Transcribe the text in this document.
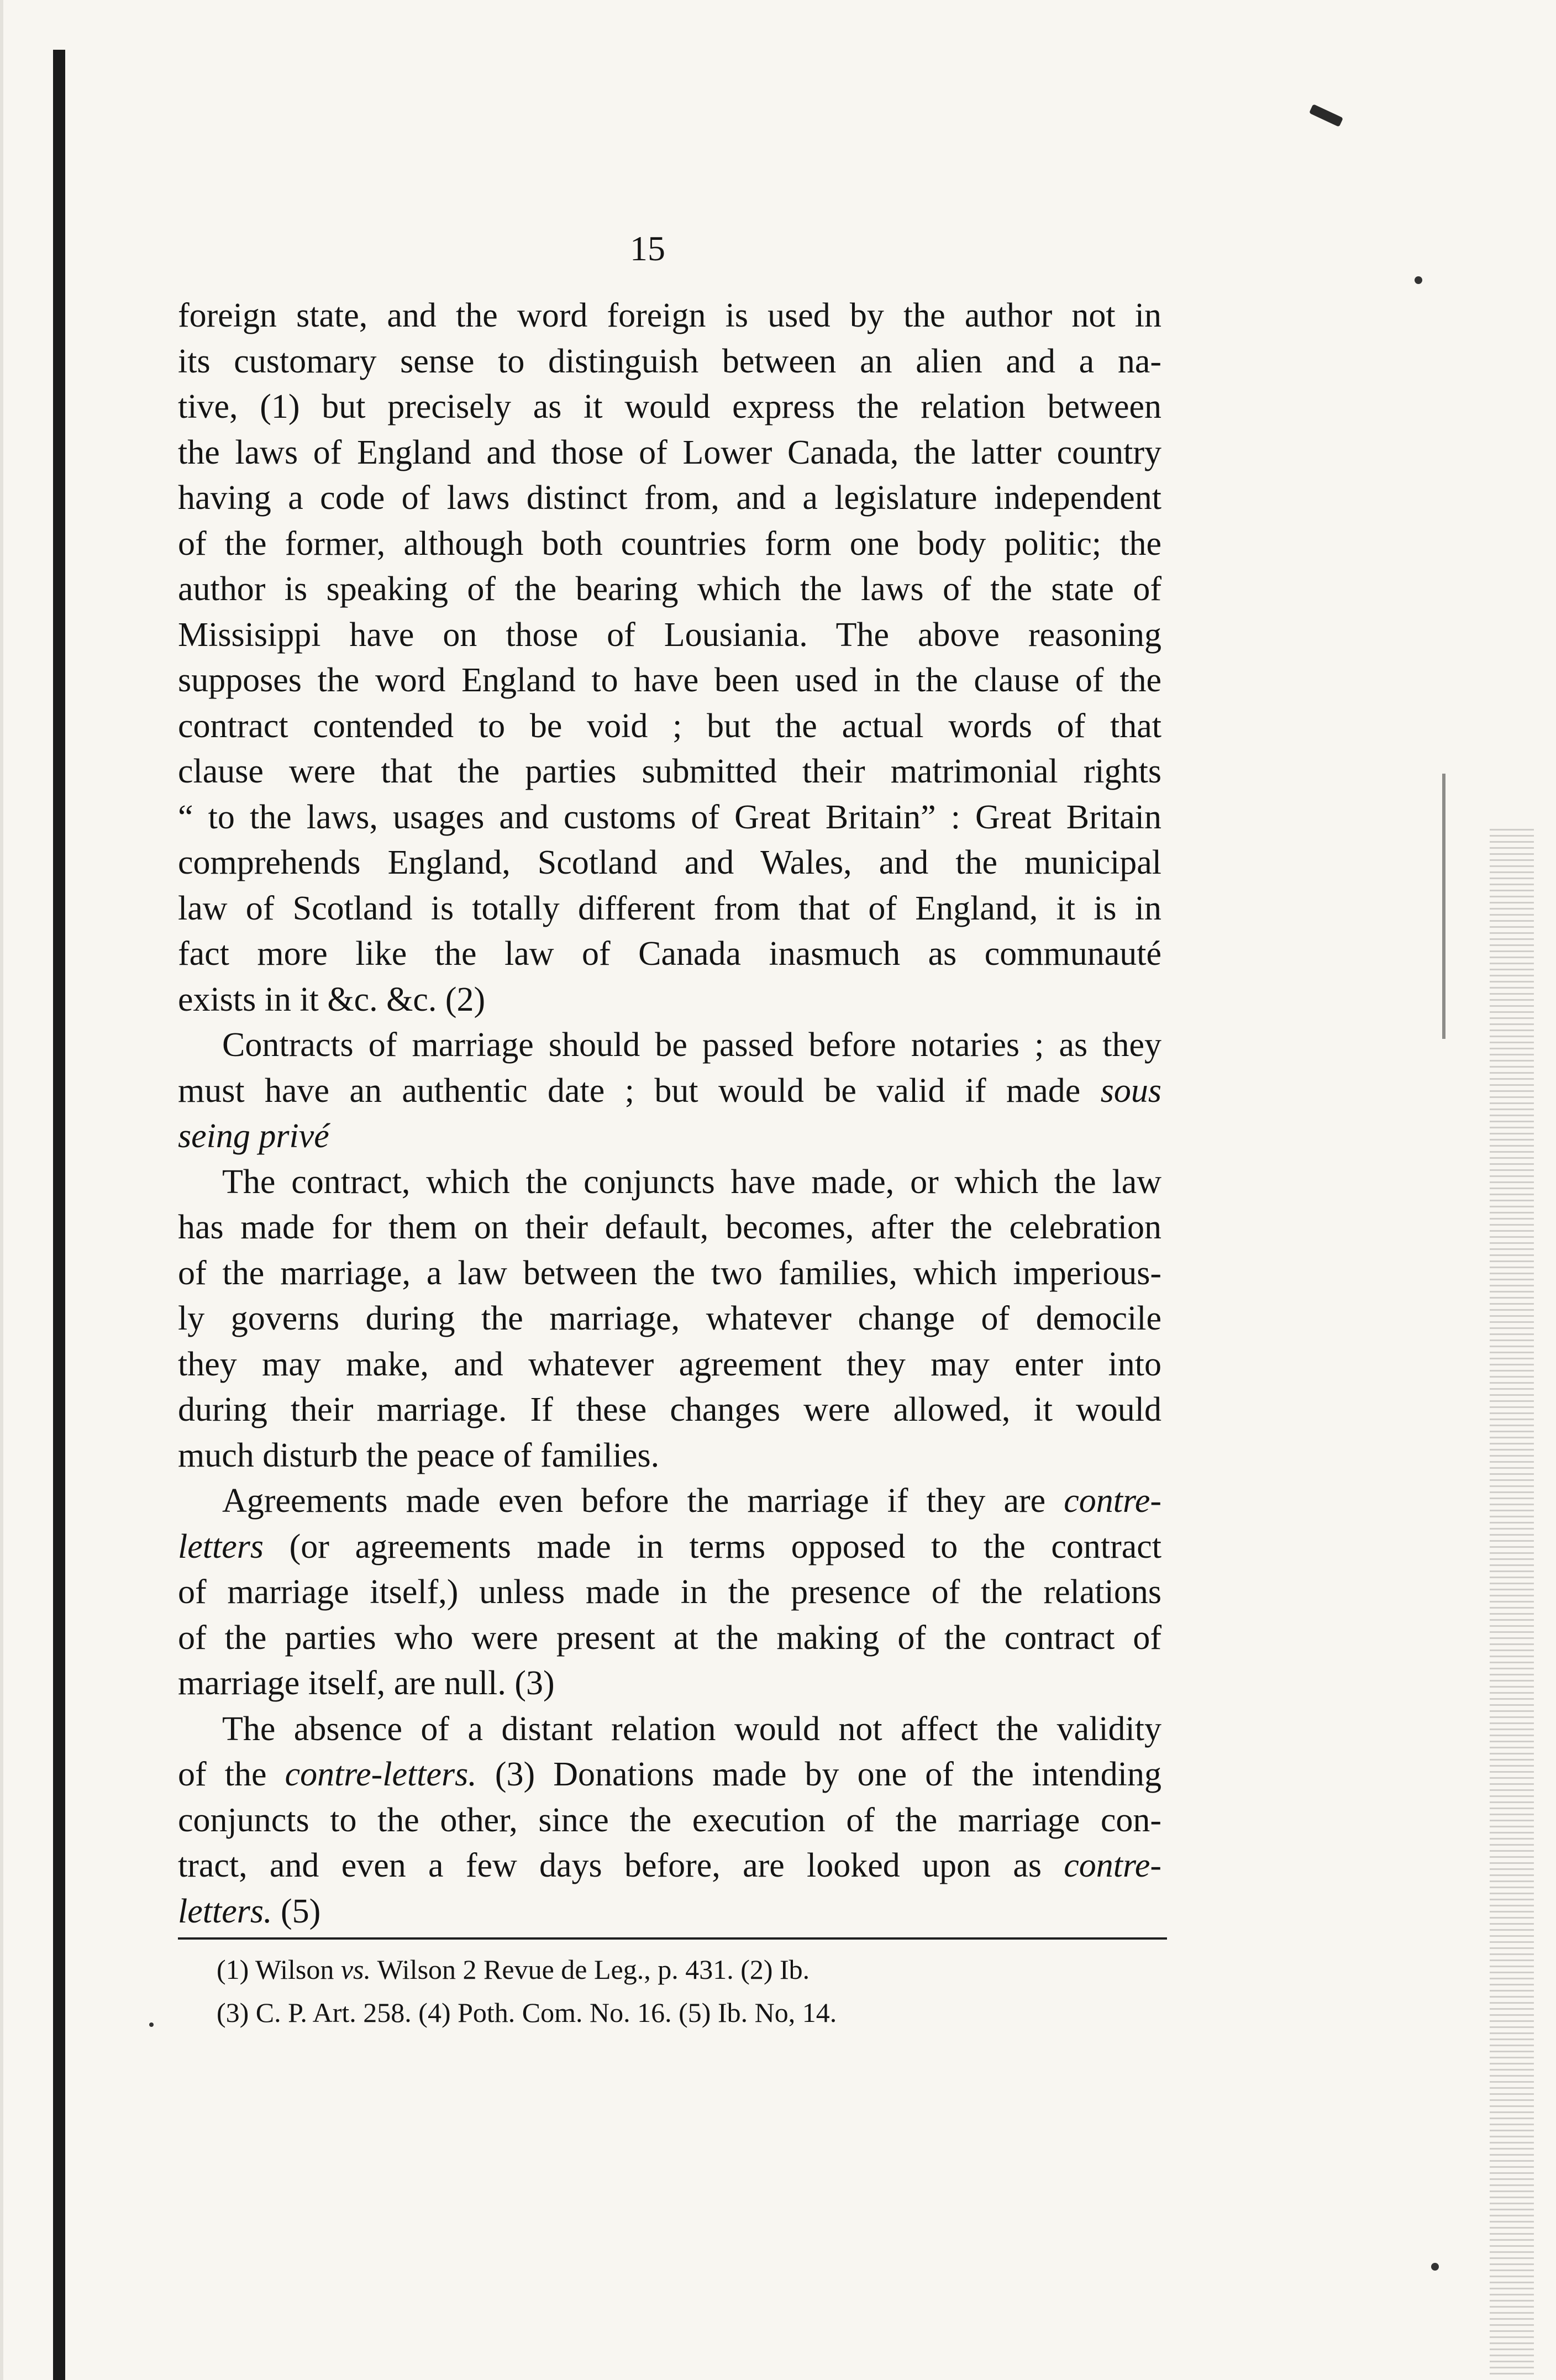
15

foreign state, and the word foreign is used by the author not in
its customary sense to distinguish between an alien and a na-
tive, (1) but precisely as it would express the relation between
the laws of England and those of Lower Canada, the latter country
having a code of laws distinct from, and a legislature independent
of the former, although both countries form one body politic; the
author is speaking of the bearing which the laws of the state of
Missisippi have on those of Lousiania. The above reasoning
supposes the word England to have been used in the clause of the
contract contended to be void ; but the actual words of that
clause were that the parties submitted their matrimonial rights
“ to the laws, usages and customs of Great Britain” : Great Britain
comprehends England, Scotland and Wales, and the municipal
law of Scotland is totally different from that of England, it is in
fact more like the law of Canada inasmuch as communauté
exists in it &c. &c. (2)

Contracts of marriage should be passed before notaries ; as they
must have an authentic date ; but would be valid if made sous
seing privé

The contract, which the conjuncts have made, or which the law
has made for them on their default, becomes, after the celebration
of the marriage, a law between the two families, which imperious-
ly governs during the marriage, whatever change of democile
they may make, and whatever agreement they may enter into
during their marriage. If these changes were allowed, it would
much disturb the peace of families.

Agreements made even before the marriage if they are contre-
letters (or agreements made in terms opposed to the contract
of marriage itself,) unless made in the presence of the relations
of the parties who were present at the making of the contract of
marriage itself, are null. (3)

The absence of a distant relation would not affect the validity
of the contre-letters. (3) Donations made by one of the intending
conjuncts to the other, since the execution of the marriage con-
tract, and even a few days before, are looked upon as contre-
letters. (5)

(1) Wilson vs. Wilson 2 Revue de Leg., p. 431. (2) Ib.
(3) C. P. Art. 258. (4) Poth. Com. No. 16. (5) Ib. No, 14.
